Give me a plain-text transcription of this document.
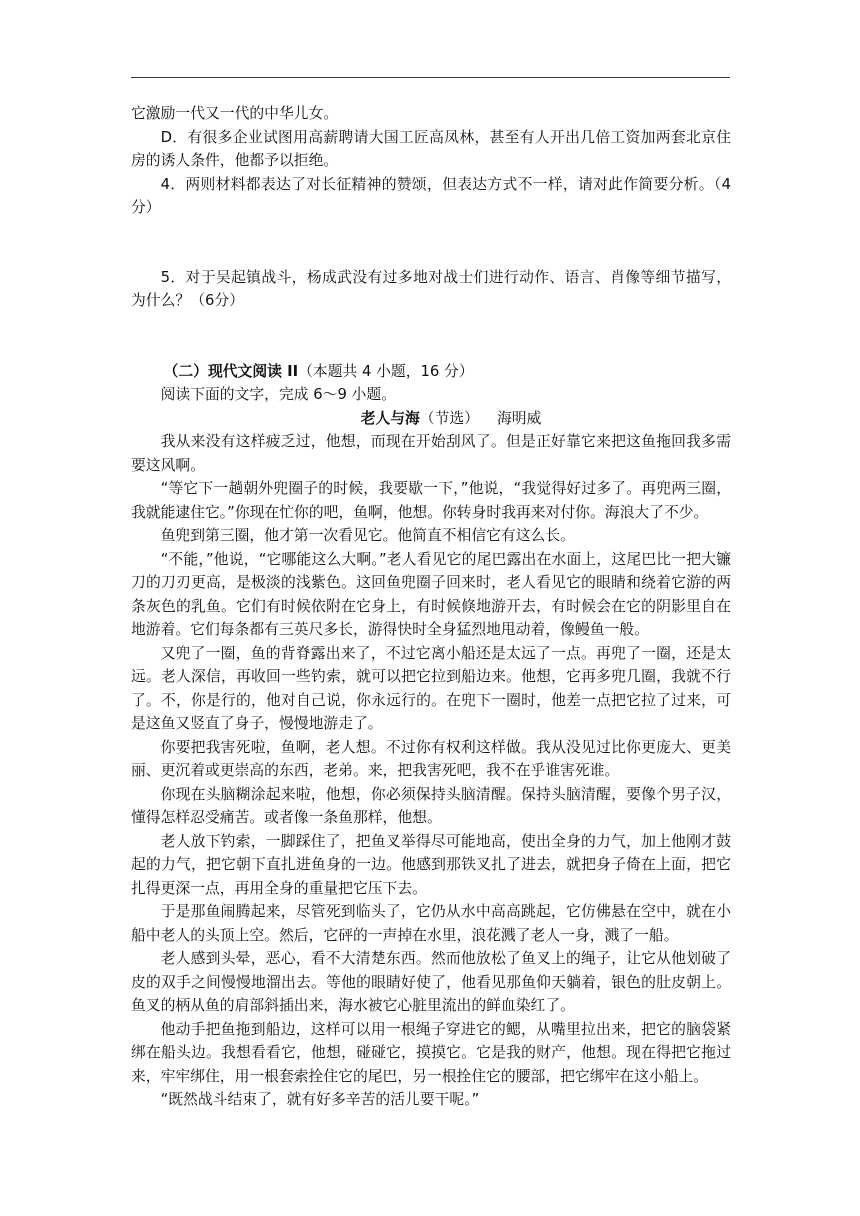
它激励一代又一代的中华儿女。

D．有很多企业试图用高薪聘请大国工匠高凤林，甚至有人开出几倍工资加两套北京住房的诱人条件，他都予以拒绝。

4．两则材料都表达了对长征精神的赞颂，但表达方式不一样，请对此作简要分析。（4分）

5．对于吴起镇战斗，杨成武没有过多地对战士们进行动作、语言、肖像等细节描写，为什么？（6分）

（二）现代文阅读 II（本题共 4 小题，16 分）

阅读下面的文字，完成 6～9 小题。

老人与海（节选） 海明威

我从来没有这样疲乏过，他想，而现在开始刮风了。但是正好靠它来把这鱼拖回我多需要这风啊。

“等它下一趟朝外兜圈子的时候，我要歇一下，”他说，“我觉得好过多了。再兜两三圈，我就能逮住它。”你现在忙你的吧，鱼啊，他想。你转身时我再来对付你。海浪大了不少。

鱼兜到第三圈，他才第一次看见它。他简直不相信它有这么长。

“不能，”他说，“它哪能这么大啊。”老人看见它的尾巴露出在水面上，这尾巴比一把大镰刀的刀刃更高，是极淡的浅紫色。这回鱼兜圈子回来时，老人看见它的眼睛和绕着它游的两条灰色的乳鱼。它们有时候依附在它身上，有时候倏地游开去，有时候会在它的阴影里自在地游着。它们每条都有三英尺多长，游得快时全身猛烈地甩动着，像鳗鱼一般。

又兜了一圈，鱼的背脊露出来了，不过它离小船还是太远了一点。再兜了一圈，还是太远。老人深信，再收回一些钓索，就可以把它拉到船边来。他想，它再多兜几圈，我就不行了。不，你是行的，他对自己说，你永远行的。在兜下一圈时，他差一点把它拉了过来，可是这鱼又竖直了身子，慢慢地游走了。

你要把我害死啦，鱼啊，老人想。不过你有权利这样做。我从没见过比你更庞大、更美丽、更沉着或更崇高的东西，老弟。来，把我害死吧，我不在乎谁害死谁。

你现在头脑糊涂起来啦，他想，你必须保持头脑清醒。保持头脑清醒，要像个男子汉，懂得怎样忍受痛苦。或者像一条鱼那样，他想。

老人放下钓索，一脚踩住了，把鱼叉举得尽可能地高，使出全身的力气，加上他刚才鼓起的力气，把它朝下直扎进鱼身的一边。他感到那铁叉扎了进去，就把身子倚在上面，把它扎得更深一点，再用全身的重量把它压下去。

于是那鱼闹腾起来，尽管死到临头了，它仍从水中高高跳起，它仿佛悬在空中，就在小船中老人的头顶上空。然后，它砰的一声掉在水里，浪花溅了老人一身，溅了一船。

老人感到头晕，恶心，看不大清楚东西。然而他放松了鱼叉上的绳子，让它从他划破了皮的双手之间慢慢地溜出去。等他的眼睛好使了，他看见那鱼仰天躺着，银色的肚皮朝上。鱼叉的柄从鱼的肩部斜插出来，海水被它心脏里流出的鲜血染红了。

他动手把鱼拖到船边，这样可以用一根绳子穿进它的鳃，从嘴里拉出来，把它的脑袋紧绑在船头边。我想看看它，他想，碰碰它，摸摸它。它是我的财产，他想。现在得把它拖过来，牢牢绑住，用一根套索拴住它的尾巴，另一根拴住它的腰部，把它绑牢在这小船上。

“既然战斗结束了，就有好多辛苦的活儿要干呢。”
